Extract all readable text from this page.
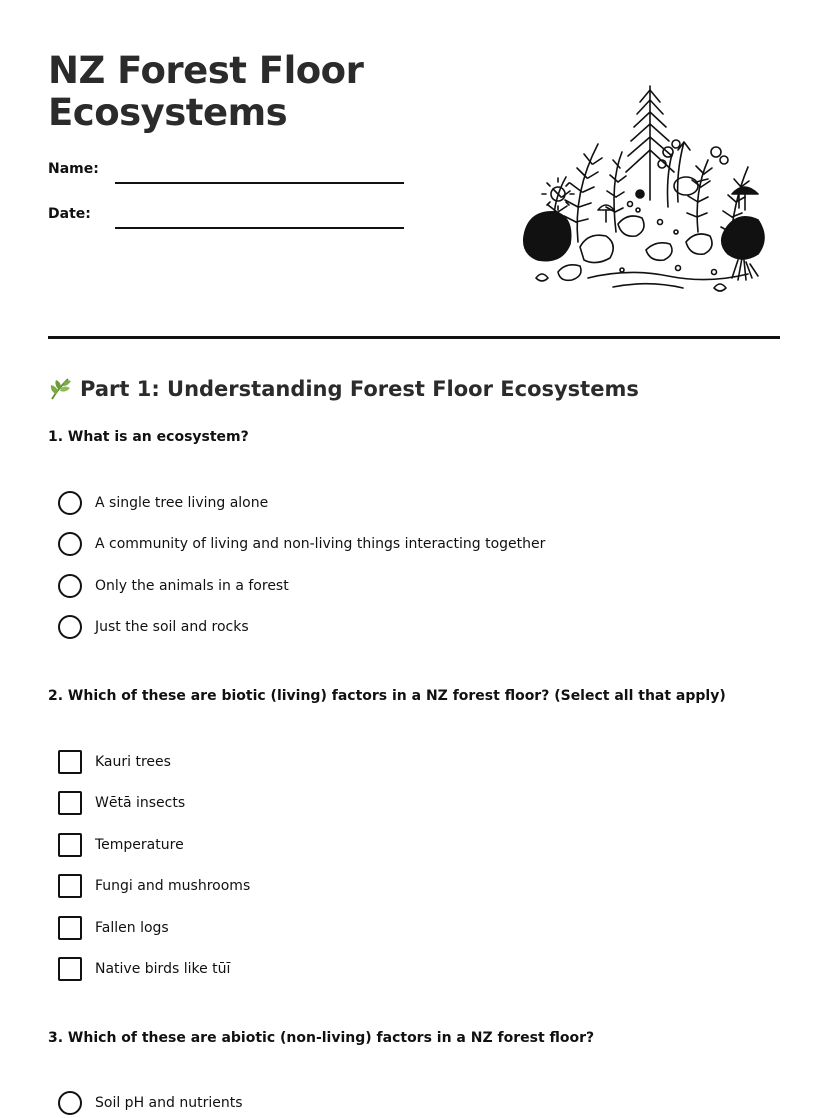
NZ Forest Floor Ecosystems
Name:
Date:
Part 1: Understanding Forest Floor Ecosystems

1. What is an ecosystem?

A single tree living alone
A community of living and non-living things interacting together
Only the animals in a forest
Just the soil and rocks

2. Which of these are biotic (living) factors in a NZ forest floor? (Select all that apply)

Kauri trees
Wētā insects
Temperature
Fungi and mushrooms
Fallen logs
Native birds like tūī

3. Which of these are abiotic (non-living) factors in a NZ forest floor?

Soil pH and nutrients
